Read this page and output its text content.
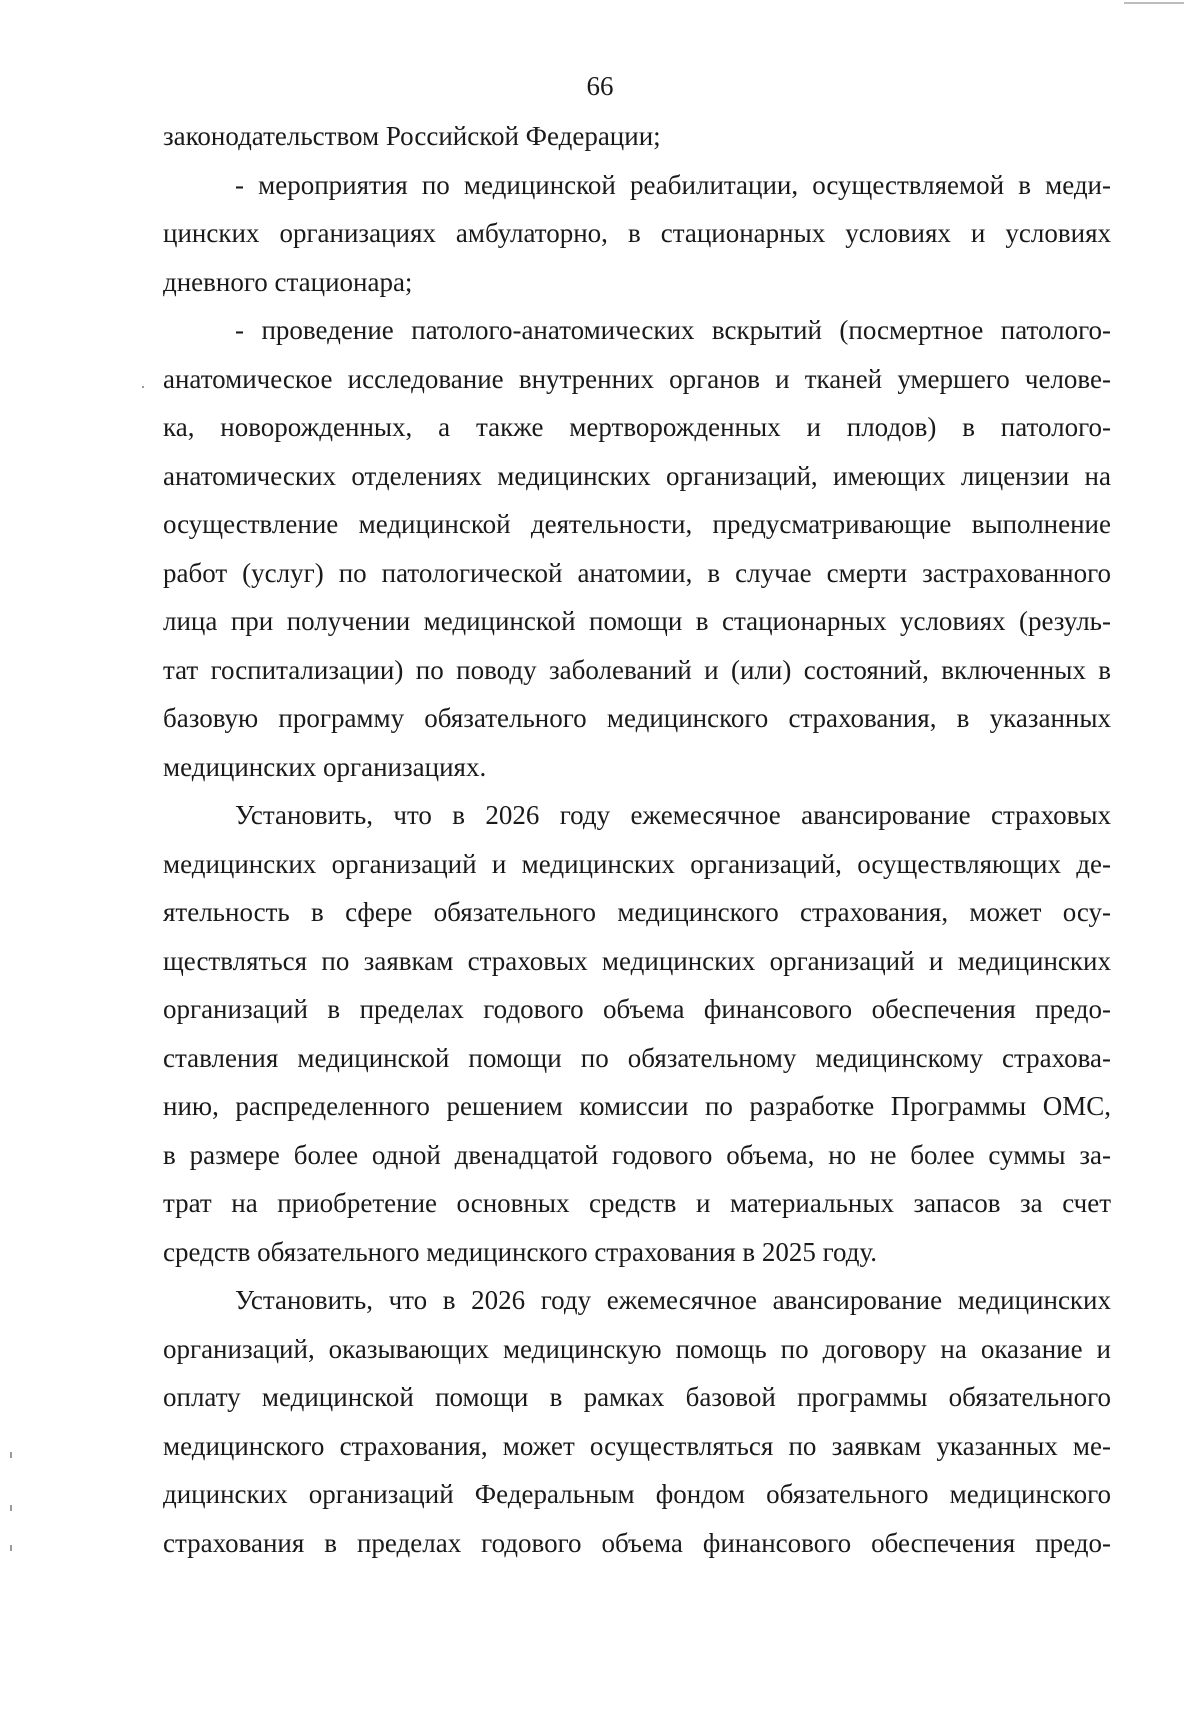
66
законодательством Российской Федерации;
- мероприятия по медицинской реабилитации, осуществляемой в меди-
цинских организациях амбулаторно, в стационарных условиях и условиях
дневного стационара;
- проведение патолого-анатомических вскрытий (посмертное патолого-
анатомическое исследование внутренних органов и тканей умершего челове-
ка, новорожденных, а также мертворожденных и плодов) в патолого-
анатомических отделениях медицинских организаций, имеющих лицензии на
осуществление медицинской деятельности, предусматривающие выполнение
работ (услуг) по патологической анатомии, в случае смерти застрахованного
лица при получении медицинской помощи в стационарных условиях (резуль-
тат госпитализации) по поводу заболеваний и (или) состояний, включенных в
базовую программу обязательного медицинского страхования, в указанных
медицинских организациях.
Установить, что в 2026 году ежемесячное авансирование страховых
медицинских организаций и медицинских организаций, осуществляющих де-
ятельность в сфере обязательного медицинского страхования, может осу-
ществляться по заявкам страховых медицинских организаций и медицинских
организаций в пределах годового объема финансового обеспечения предо-
ставления медицинской помощи по обязательному медицинскому страхова-
нию, распределенного решением комиссии по разработке Программы ОМС,
в размере более одной двенадцатой годового объема, но не более суммы за-
трат на приобретение основных средств и материальных запасов за счет
средств обязательного медицинского страхования в 2025 году.
Установить, что в 2026 году ежемесячное авансирование медицинских
организаций, оказывающих медицинскую помощь по договору на оказание и
оплату медицинской помощи в рамках базовой программы обязательного
медицинского страхования, может осуществляться по заявкам указанных ме-
дицинских организаций Федеральным фондом обязательного медицинского
страхования в пределах годового объема финансового обеспечения предо-
